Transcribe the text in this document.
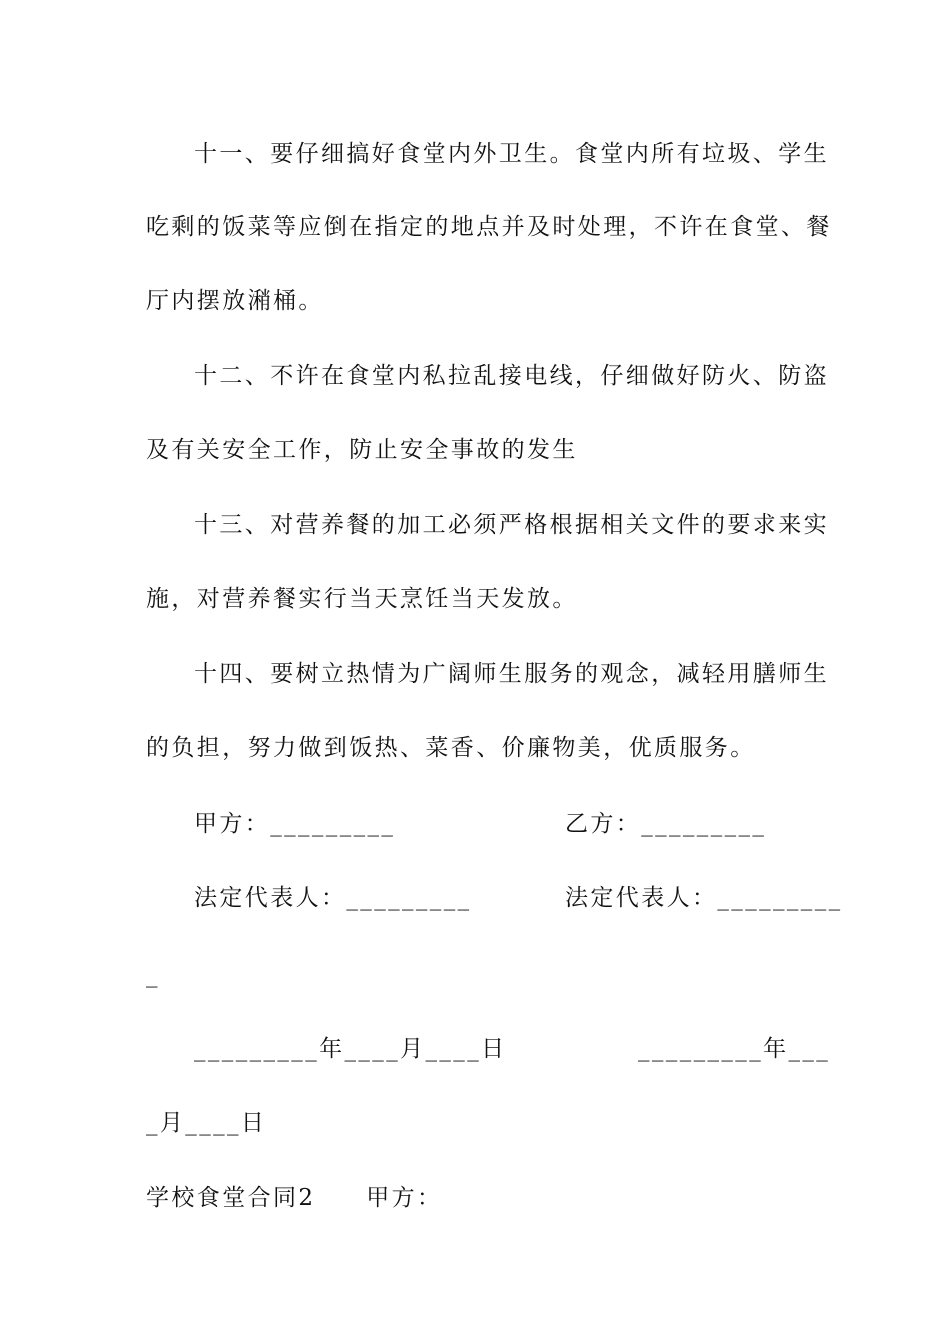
十一、要仔细搞好食堂内外卫生。食堂内所有垃圾、学生
吃剩的饭菜等应倒在指定的地点并及时处理，不许在食堂、餐
厅内摆放潲桶。
十二、不许在食堂内私拉乱接电线，仔细做好防火、防盗
及有关安全工作，防止安全事故的发生
十三、对营养餐的加工必须严格根据相关文件的要求来实
施，对营养餐实行当天烹饪当天发放。
十四、要树立热情为广阔师生服务的观念，减轻用膳师生
的负担，努力做到饭热、菜香、价廉物美，优质服务。
甲方：_________	乙方：_________
法定代表人：_________	法定代表人：_________
_
_________年____月____日	_________年___
_月____日
学校食堂合同2　　甲方：
